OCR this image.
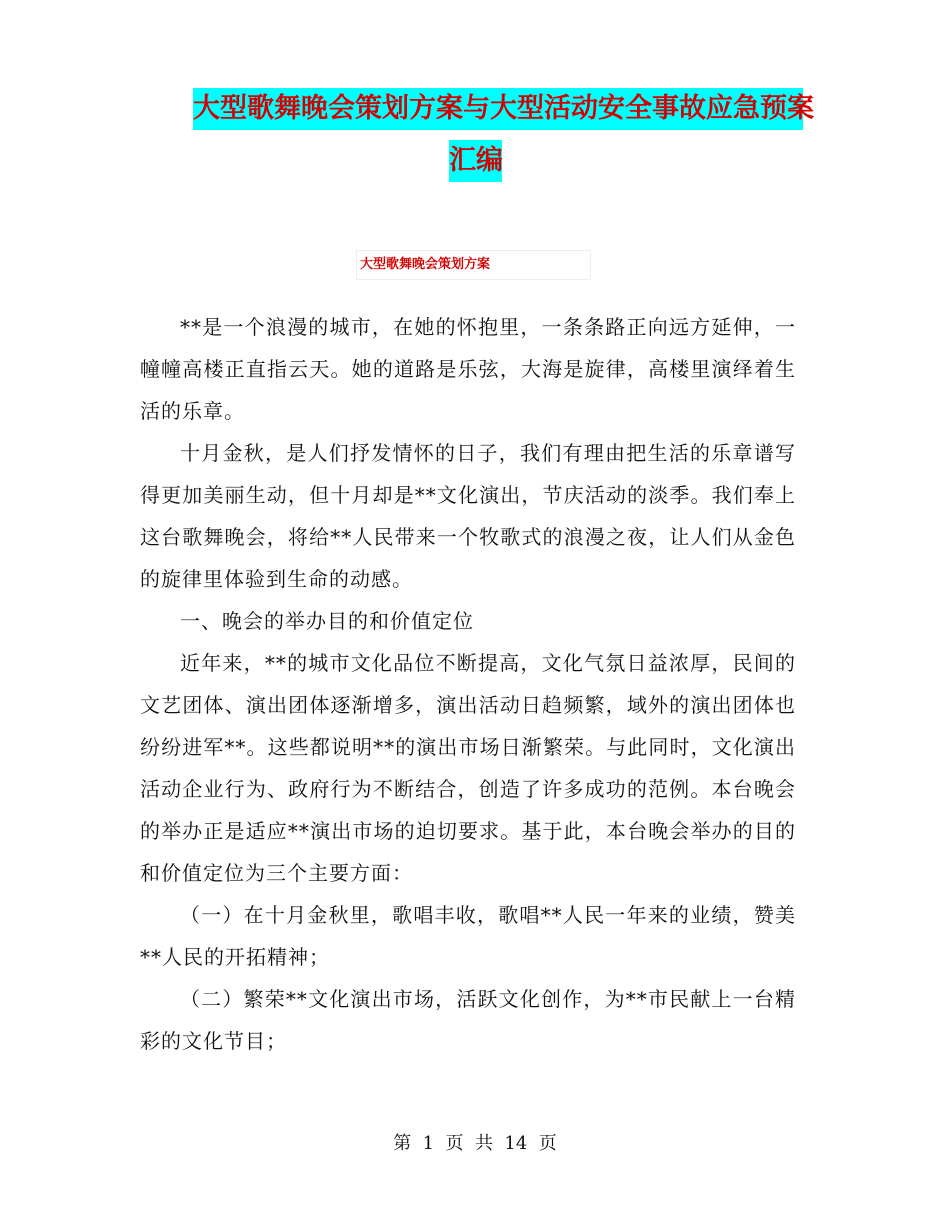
大型歌舞晚会策划方案与大型活动安全事故应急预案
汇编
大型歌舞晚会策划方案

**是一个浪漫的城市，在她的怀抱里，一条条路正向远方延伸，一幢幢高楼正直指云天。她的道路是乐弦，大海是旋律，高楼里演绎着生活的乐章。

十月金秋，是人们抒发情怀的日子，我们有理由把生活的乐章谱写得更加美丽生动，但十月却是**文化演出，节庆活动的淡季。我们奉上这台歌舞晚会，将给**人民带来一个牧歌式的浪漫之夜，让人们从金色的旋律里体验到生命的动感。

一、晚会的举办目的和价值定位

近年来，**的城市文化品位不断提高，文化气氛日益浓厚，民间的文艺团体、演出团体逐渐增多，演出活动日趋频繁，域外的演出团体也纷纷进军**。这些都说明**的演出市场日渐繁荣。与此同时，文化演出活动企业行为、政府行为不断结合，创造了许多成功的范例。本台晚会的举办正是适应**演出市场的迫切要求。基于此，本台晚会举办的目的和价值定位为三个主要方面：

（一）在十月金秋里，歌唱丰收，歌唱**人民一年来的业绩，赞美**人民的开拓精神；

（二）繁荣**文化演出市场，活跃文化创作，为**市民献上一台精彩的文化节目；

第  1  页  共  14  页
